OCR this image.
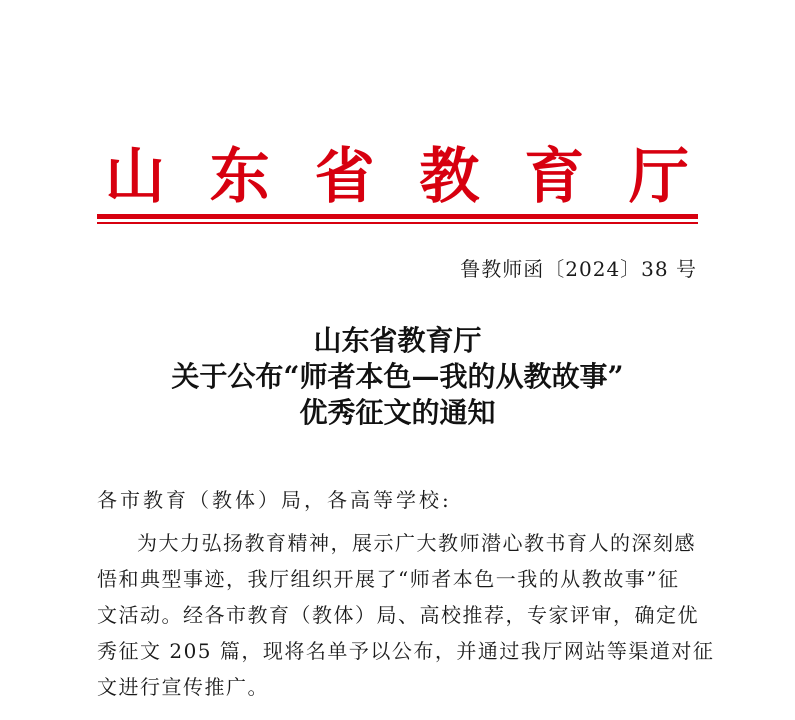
山 东 省 教 育 厅
鲁教师函〔2024〕38 号
山东省教育厅
关于公布“师者本色—我的从教故事”
优秀征文的通知
各市教育（教体）局，各高等学校:
为大力弘扬教育精神，展示广大教师潜心教书育人的深刻感
悟和典型事迹，我厅组织开展了“师者本色一我的从教故事”征
文活动。经各市教育（教体）局、高校推荐，专家评审，确定优
秀征文 205 篇，现将名单予以公布，并通过我厅网站等渠道对征
文进行宣传推广。
